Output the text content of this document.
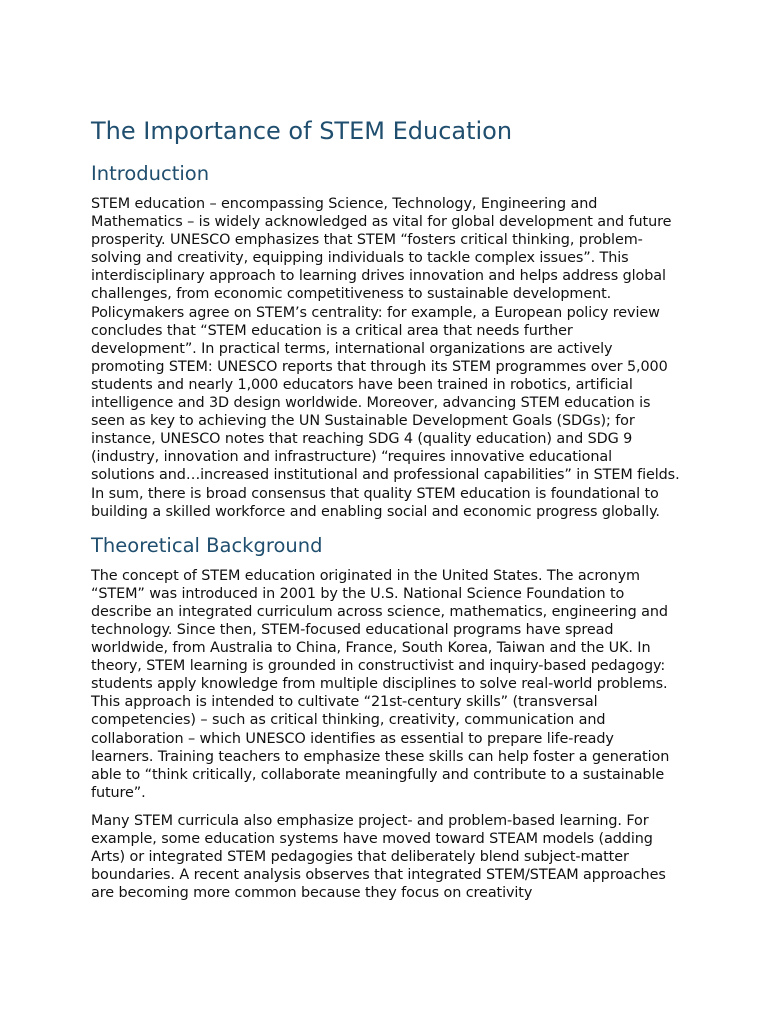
The Importance of STEM Education
Introduction

STEM education – encompassing Science, Technology, Engineering and Mathematics – is widely acknowledged as vital for global development and future prosperity. UNESCO emphasizes that STEM “fosters critical thinking, problem-solving and creativity, equipping individuals to tackle complex issues”. This interdisciplinary approach to learning drives innovation and helps address global challenges, from economic competitiveness to sustainable development. Policymakers agree on STEM’s centrality: for example, a European policy review concludes that “STEM education is a critical area that needs further development”. In practical terms, international organizations are actively promoting STEM: UNESCO reports that through its STEM programmes over 5,000 students and nearly 1,000 educators have been trained in robotics, artificial intelligence and 3D design worldwide. Moreover, advancing STEM education is seen as key to achieving the UN Sustainable Development Goals (SDGs); for instance, UNESCO notes that reaching SDG 4 (quality education) and SDG 9 (industry, innovation and infrastructure) “requires innovative educational solutions and…increased institutional and professional capabilities” in STEM fields. In sum, there is broad consensus that quality STEM education is foundational to building a skilled workforce and enabling social and economic progress globally.

Theoretical Background

The concept of STEM education originated in the United States. The acronym “STEM” was introduced in 2001 by the U.S. National Science Foundation to describe an integrated curriculum across science, mathematics, engineering and technology. Since then, STEM-focused educational programs have spread worldwide, from Australia to China, France, South Korea, Taiwan and the UK. In theory, STEM learning is grounded in constructivist and inquiry-based pedagogy: students apply knowledge from multiple disciplines to solve real-world problems. This approach is intended to cultivate “21st-century skills” (transversal competencies) – such as critical thinking, creativity, communication and collaboration – which UNESCO identifies as essential to prepare life-ready learners. Training teachers to emphasize these skills can help foster a generation able to “think critically, collaborate meaningfully and contribute to a sustainable future”.

Many STEM curricula also emphasize project- and problem-based learning. For example, some education systems have moved toward STEAM models (adding Arts) or integrated STEM pedagogies that deliberately blend subject-matter boundaries. A recent analysis observes that integrated STEM/STEAM approaches are becoming more common because they focus on creativity
